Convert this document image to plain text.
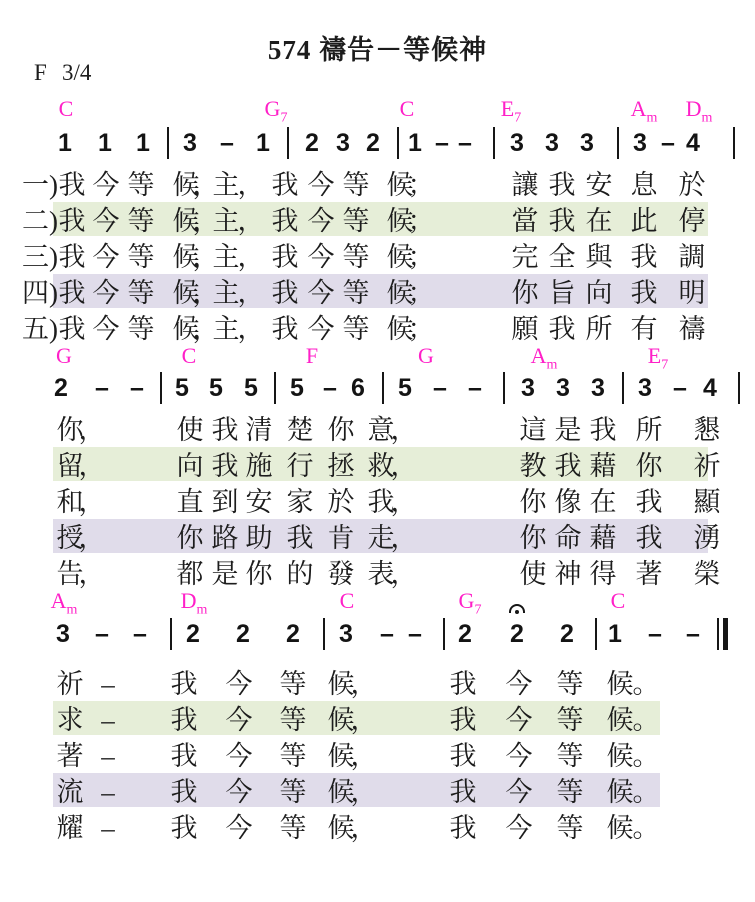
574 禱告－等候神
F 3/4
C	$G_7$	C	$E_7$	$A_m$ $D_m$
1 1 1 3 – 1 2 3 2 1 – – 3 3 3 3 – 4
一) 我 今 等 候
，
主
， 我 今 等 候
；	讓 我 安 息 於
二) 我 今 等 候
，
主
， 我 今 等 候
；	當 我 在 此 停
三) 我 今 等 候
，
主
， 我 今 等 候
；	完 全 與 我 調
四) 我 今 等 候
，
主
， 我 今 等 候
；	你 旨 向 我 明
五) 我 今 等 候
，
主
， 我 今 等 候
；	願 我 所 有 禱
G	C	F	G	$A_m$	$E_7$
2 – – 5 5 5 5 – 6 5 – – 3 3 3 3 – 4
你
，	使 我 清 楚 你 意
，	這 是 我 所 懇
留
，	向 我 施 行 拯 救
，	教 我 藉 你 祈
和
，	直 到 安 家 於 我
，	你 像 在 我 顯
授
，	你 路 助 我 肯 走
，	你 命 藉 我 湧
告
，	都 是 你 的 發 表
，	使 神 得 著 榮
$A_m$	$D_m$	C	$G_7$	C
3 – – 2 2 2 3 – – 2 2 2 1 – –
祈 – 我 今 等 候
，	我 今 等 候 。
求 – 我 今 等 候
，	我 今 等 候 。
著 – 我 今 等 候
，	我 今 等 候 。
流 – 我 今 等 候
，	我 今 等 候 。
耀 – 我 今 等 候
，	我 今 等 候 。
